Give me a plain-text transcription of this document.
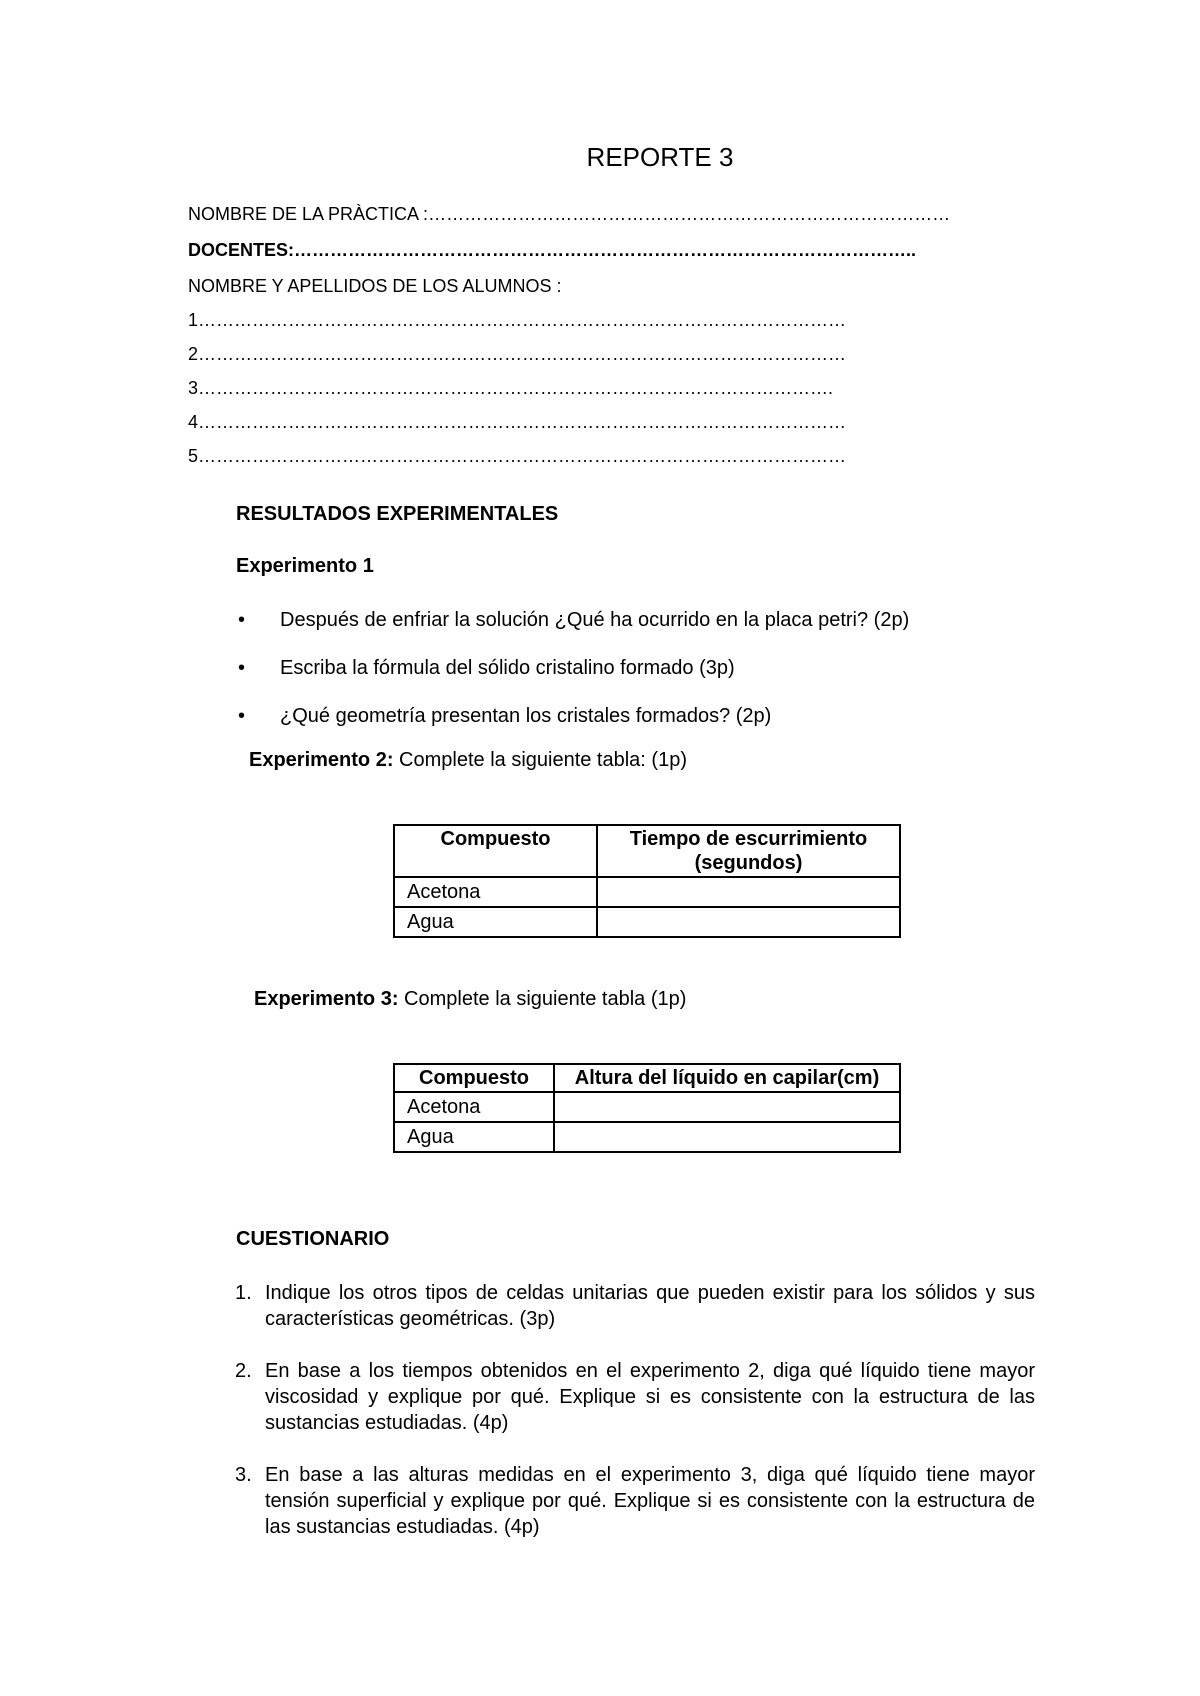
REPORTE 3
NOMBRE DE LA PRÀCTICA :……………………………………………………………………………
DOCENTES:…………………………………………………………………………………………..
NOMBRE Y APELLIDOS DE LOS ALUMNOS :
1………………………………………………………………………………………………
2………………………………………………………………………………………………
3…………………………………………………………………………………………….
4………………………………………………………………………………………………
5………………………………………………………………………………………………
RESULTADOS EXPERIMENTALES
Experimento 1
• Después de enfriar la solución ¿Qué ha ocurrido en la placa petri? (2p)
• Escriba la fórmula del sólido cristalino formado (3p)
• ¿Qué geometría presentan los cristales formados? (2p)
Experimento 2: Complete la siguiente tabla: (1p)
Compuesto	Tiempo de escurrimiento (segundos)
Acetona	
Agua	
Experimento 3: Complete la siguiente tabla (1p)
Compuesto	Altura del líquido en capilar(cm)
Acetona	
Agua	
CUESTIONARIO
1. Indique los otros tipos de celdas unitarias que pueden existir para los sólidos y sus características geométricas. (3p)
2. En base a los tiempos obtenidos en el experimento 2, diga qué líquido tiene mayor viscosidad y explique por qué. Explique si es consistente con la estructura de las sustancias estudiadas. (4p)
3. En base a las alturas medidas en el experimento 3, diga qué líquido tiene mayor tensión superficial y explique por qué. Explique si es consistente con la estructura de las sustancias estudiadas. (4p)
